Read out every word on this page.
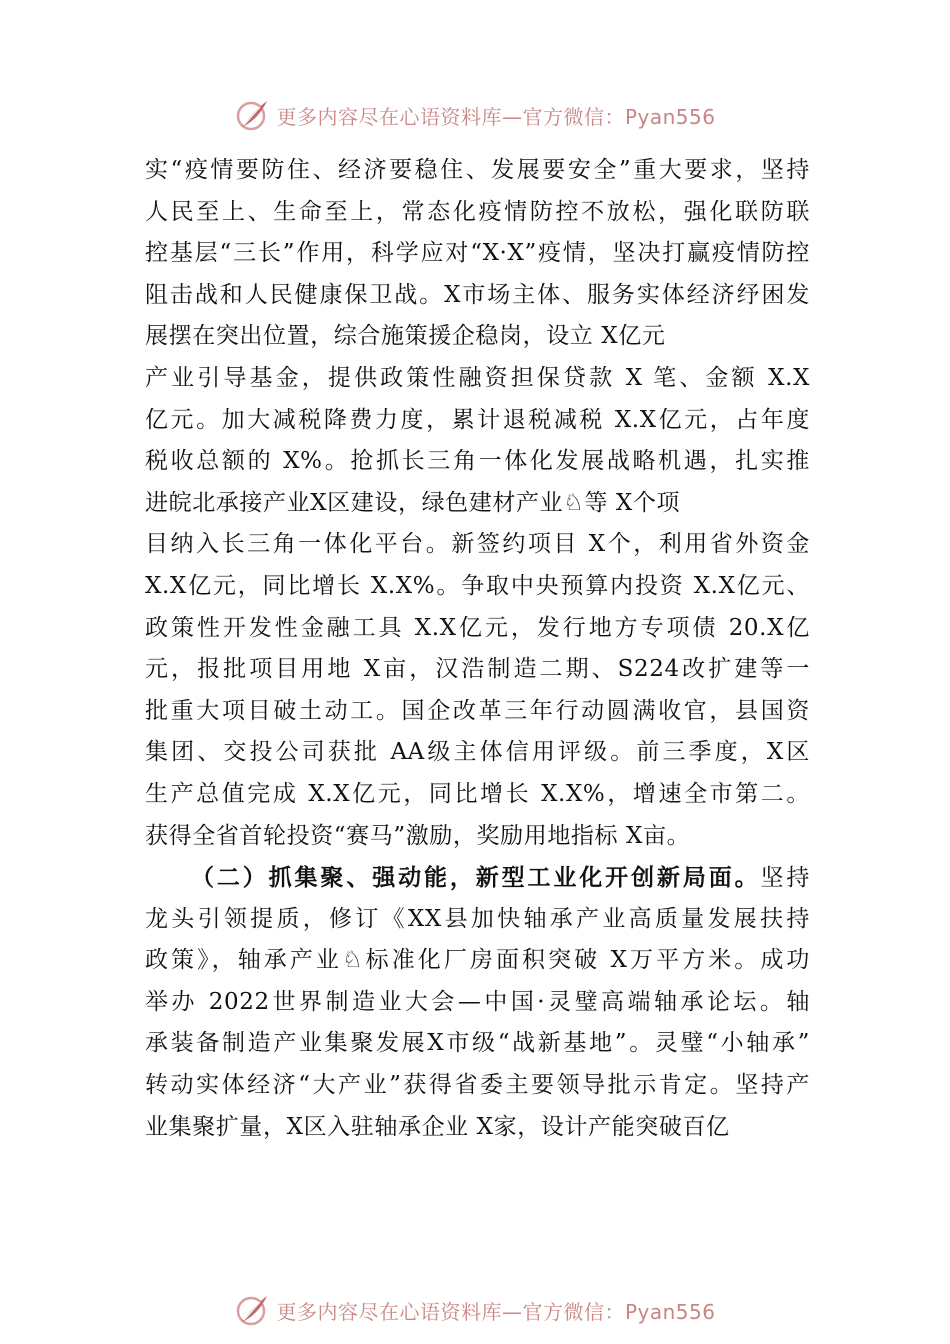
更多内容尽在心语资料库—官方微信：Pyan556
实“疫情要防住、经济要稳住、发展要安全”重大要求，坚持
人民至上、生命至上，常态化疫情防控不放松，强化联防联
控基层“三长”作用，科学应对“X·X”疫情，坚决打赢疫情防控
阻击战和人民健康保卫战。X市场主体、服务实体经济纾困发
展摆在突出位置，综合施策援企稳岗，设立 X亿元
产业引导基金，提供政策性融资担保贷款 X 笔、金额 X.X
亿元。加大减税降费力度，累计退税减税 X.X亿元，占年度
税收总额的 X%。抢抓长三角一体化发展战略机遇，扎实推
进皖北承接产业X区建设，绿色建材产业♘等 X个项
目纳入长三角一体化平台。新签约项目 X个，利用省外资金
X.X亿元，同比增长 X.X%。争取中央预算内投资 X.X亿元、
政策性开发性金融工具 X.X亿元，发行地方专项债 20.X亿
元，报批项目用地 X亩，汉浩制造二期、S224改扩建等一
批重大项目破土动工。国企改革三年行动圆满收官，县国资
集团、交投公司获批 AA级主体信用评级。前三季度，X区
生产总值完成 X.X亿元，同比增长 X.X%，增速全市第二。
获得全省首轮投资“赛马”激励，奖励用地指标 X亩。
（二）抓集聚、强动能，新型工业化开创新局面。坚持
龙头引领提质，修订《XX县加快轴承产业高质量发展扶持
政策》，轴承产业♘标准化厂房面积突破 X万平方米。成功
举办 2022世界制造业大会—中国·灵璧高端轴承论坛。轴
承装备制造产业集聚发展X市级“战新基地”。灵璧“小轴承”
转动实体经济“大产业”获得省委主要领导批示肯定。坚持产
业集聚扩量，X区入驻轴承企业 X家，设计产能突破百亿
更多内容尽在心语资料库—官方微信：Pyan556
